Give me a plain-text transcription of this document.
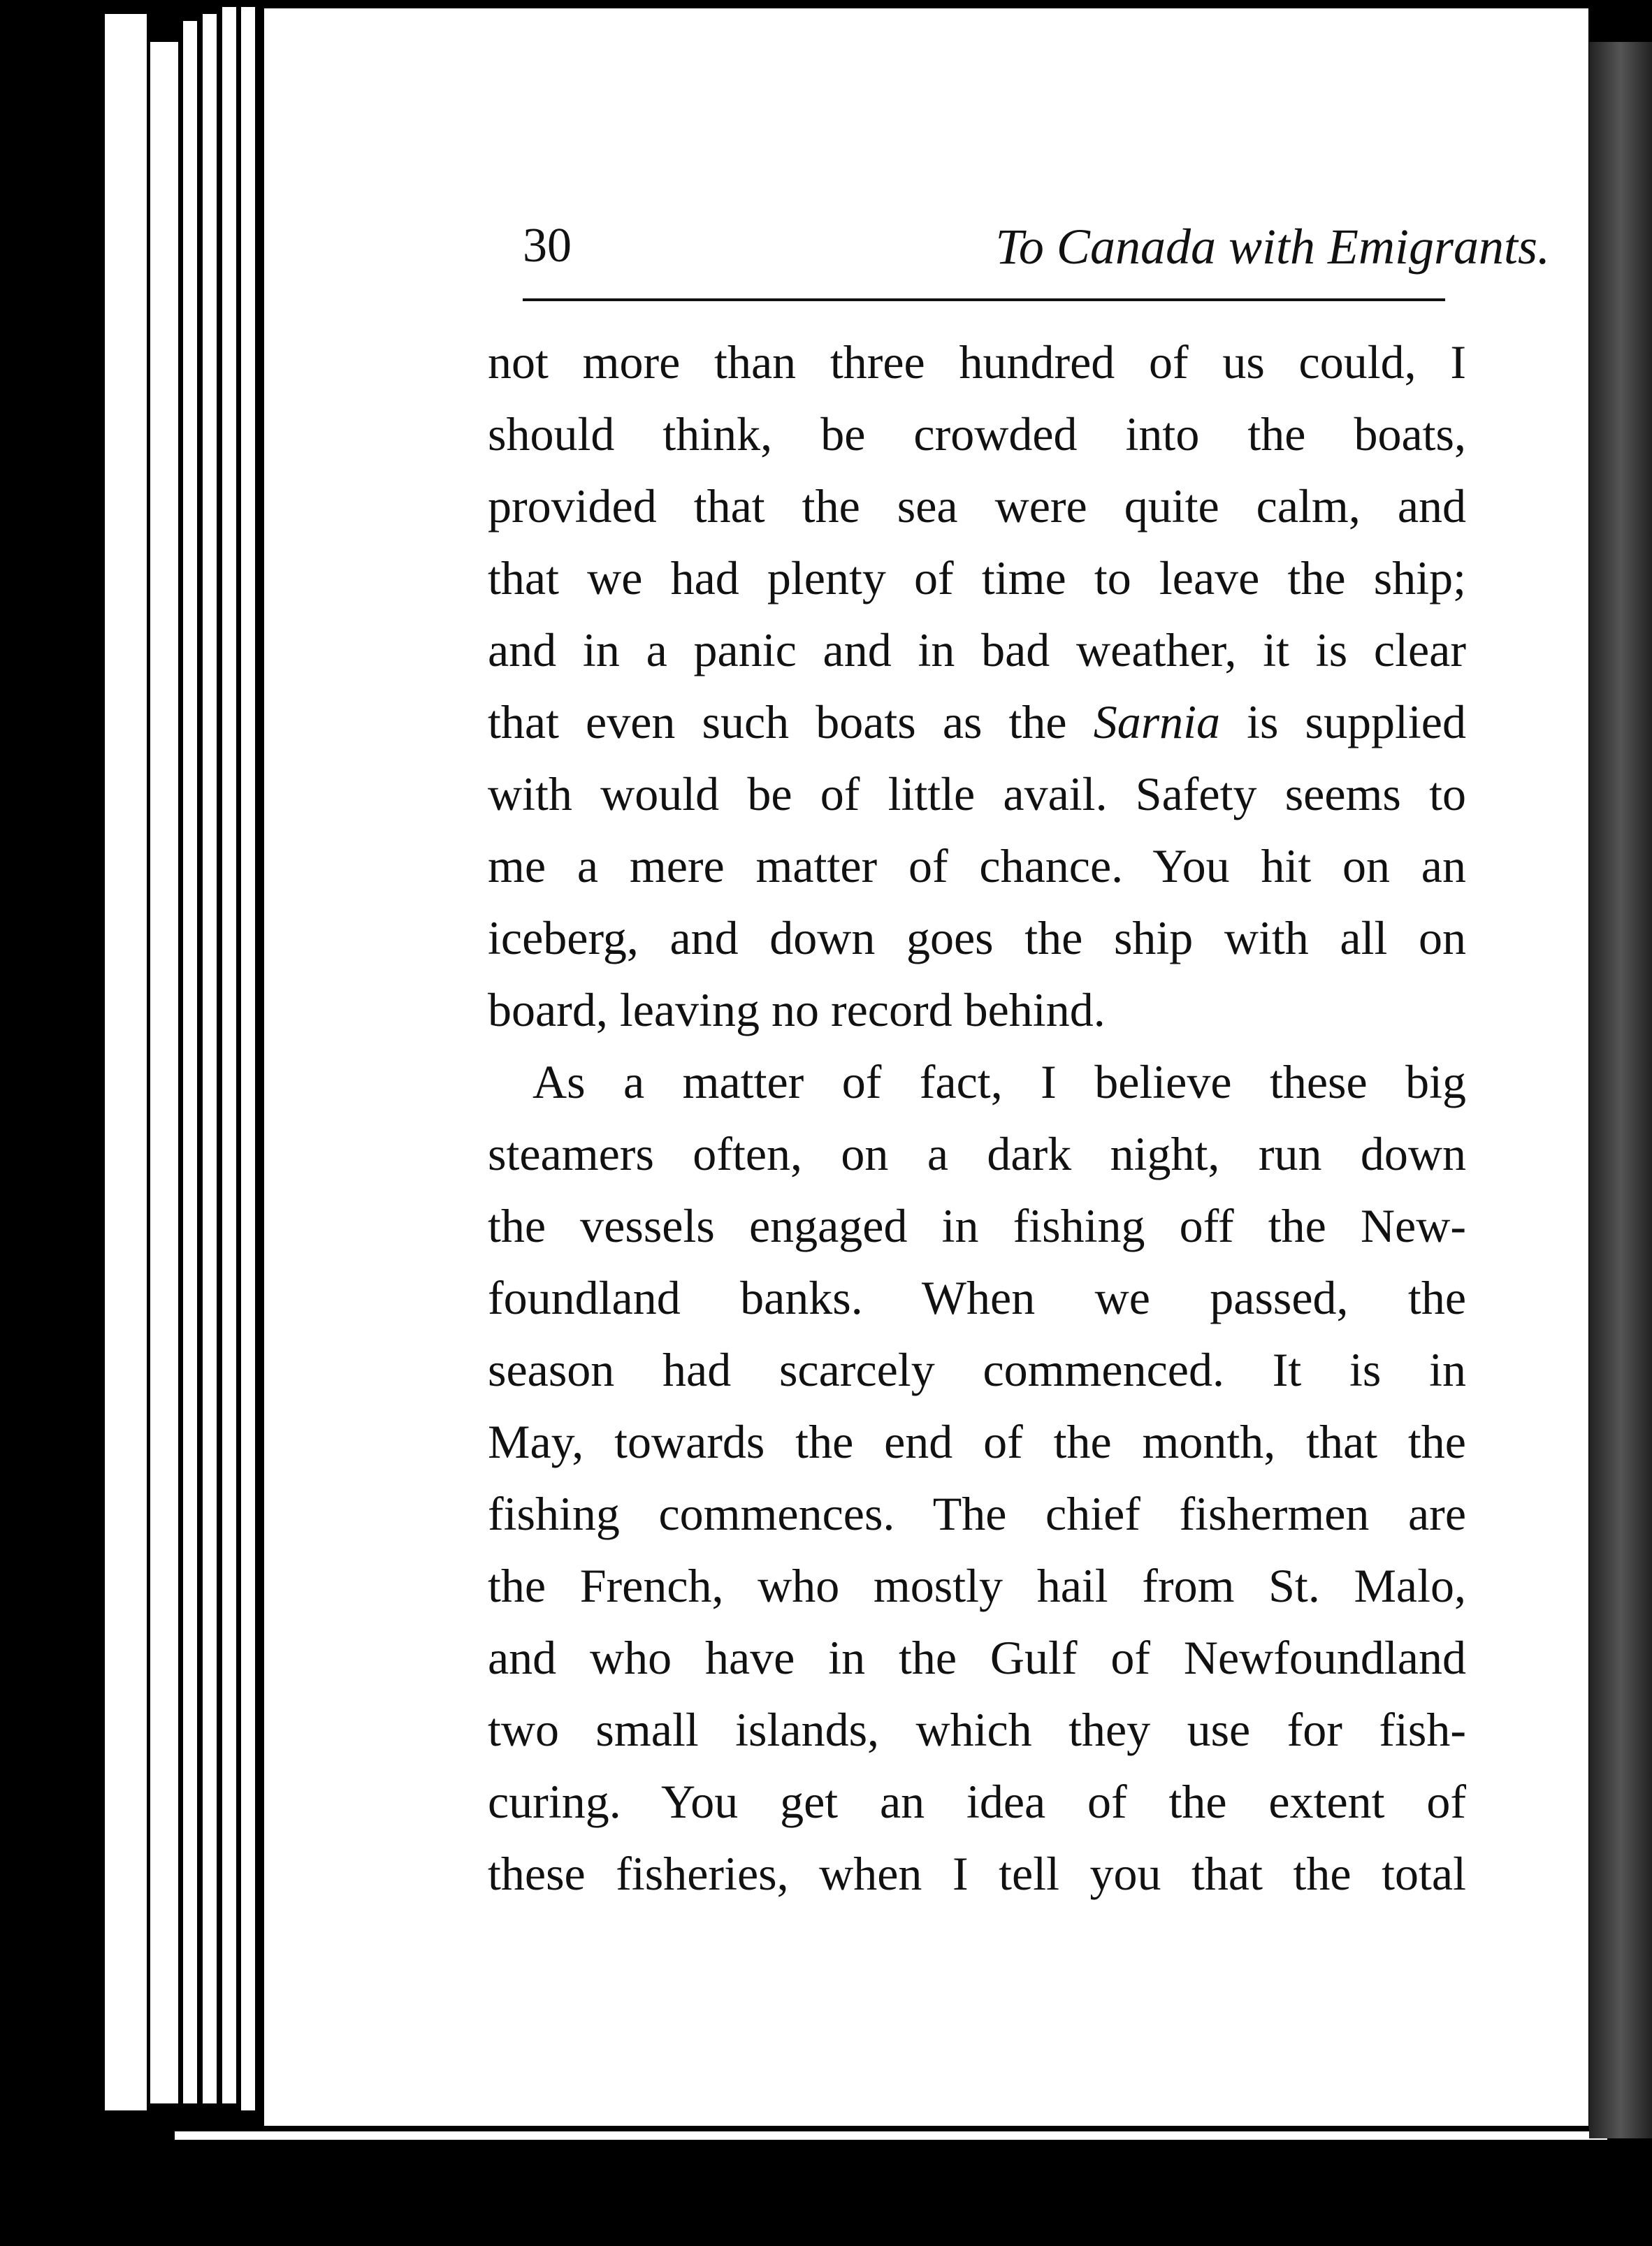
30	To Canada with Emigrants.

not more than three hundred of us could, I
should think, be crowded into the boats,
provided that the sea were quite calm, and
that we had plenty of time to leave the ship;
and in a panic and in bad weather, it is clear
that even such boats as the Sarnia is supplied
with would be of little avail. Safety seems to
me a mere matter of chance. You hit on an
iceberg, and down goes the ship with all on
board, leaving no record behind.

As a matter of fact, I believe these big
steamers often, on a dark night, run down
the vessels engaged in fishing off the New-
foundland banks. When we passed, the
season had scarcely commenced. It is in
May, towards the end of the month, that the
fishing commences. The chief fishermen are
the French, who mostly hail from St. Malo,
and who have in the Gulf of Newfoundland
two small islands, which they use for fish-
curing. You get an idea of the extent of
these fisheries, when I tell you that the total
